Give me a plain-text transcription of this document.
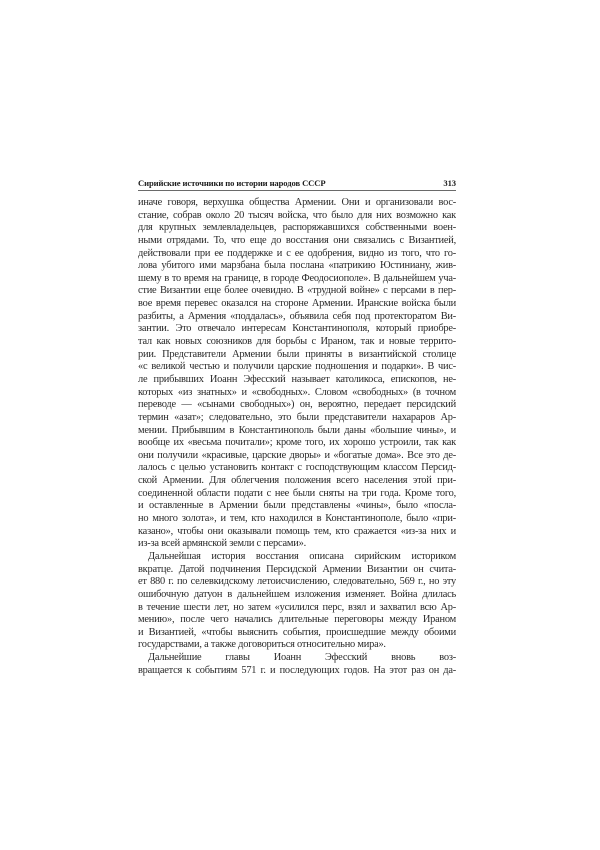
Сирийские источники по истории народов СССР	313
иначе говоря, верхушка общества Армении. Они и организовали вос-
стание, собрав около 20 тысяч войска, что было для них возможно как
для крупных землевладельцев, распоряжавшихся собственными воен-
ными отрядами. То, что еще до восстания они связались с Византией,
действовали при ее поддержке и с ее одобрения, видно из того, что го-
лова убитого ими марзбана была послана «патрикию Юстиниану, жив-
шему в то время на границе, в городе Феодосиополе». В дальнейшем уча-
стие Византии еще более очевидно. В «трудной войне» с персами в пер-
вое время перевес оказался на стороне Армении. Иранские войска были
разбиты, а Армения «поддалась», объявила себя под протекторатом Ви-
зантии. Это отвечало интересам Константинополя, который приобре-
тал как новых союзников для борьбы с Ираном, так и новые террито-
рии. Представители Армении были приняты в византийской столице
«с великой честью и получили царские подношения и подарки». В чис-
ле прибывших Иоанн Эфесский называет католикоса, епископов, не-
которых «из знатных» и «свободных». Словом «свободных» (в точном
переводе — «сынами свободных») он, вероятно, передает персидский
термин «азат»; следовательно, это были представители нахараров Ар-
мении. Прибывшим в Константинополь были даны «большие чины», и
вообще их «весьма почитали»; кроме того, их хорошо устроили, так как
они получили «красивые, царские дворы» и «богатые дома». Все это де-
лалось с целью установить контакт с господствующим классом Персид-
ской Армении. Для облегчения положения всего населения этой при-
соединенной области подати с нее были сняты на три года. Кроме того,
и оставленные в Армении были представлены «чины», было «посла-
но много золота», и тем, кто находился в Константинополе, было «при-
казано», чтобы они оказывали помощь тем, кто сражается «из-за них и
из-за всей армянской земли с персами».
Дальнейшая история восстания описана сирийским историком
вкратце. Датой подчинения Персидской Армении Византии он счита-
ет 880 г. по селевкидскому летоисчислению, следовательно, 569 г., но эту
ошибочную датуон в дальнейшем изложения изменяет. Война длилась
в течение шести лет, но затем «усилился перс, взял и захватил всю Ар-
мению», после чего начались длительные переговоры между Ираном
и Византией, «чтобы выяснить события, происшедшие между обоими
государствами, а также договориться относительно мира».
Дальнейшие главы Иоанн Эфесский вновь воз-
вращается к событиям 571 г. и последующих годов. На этот раз он да-
